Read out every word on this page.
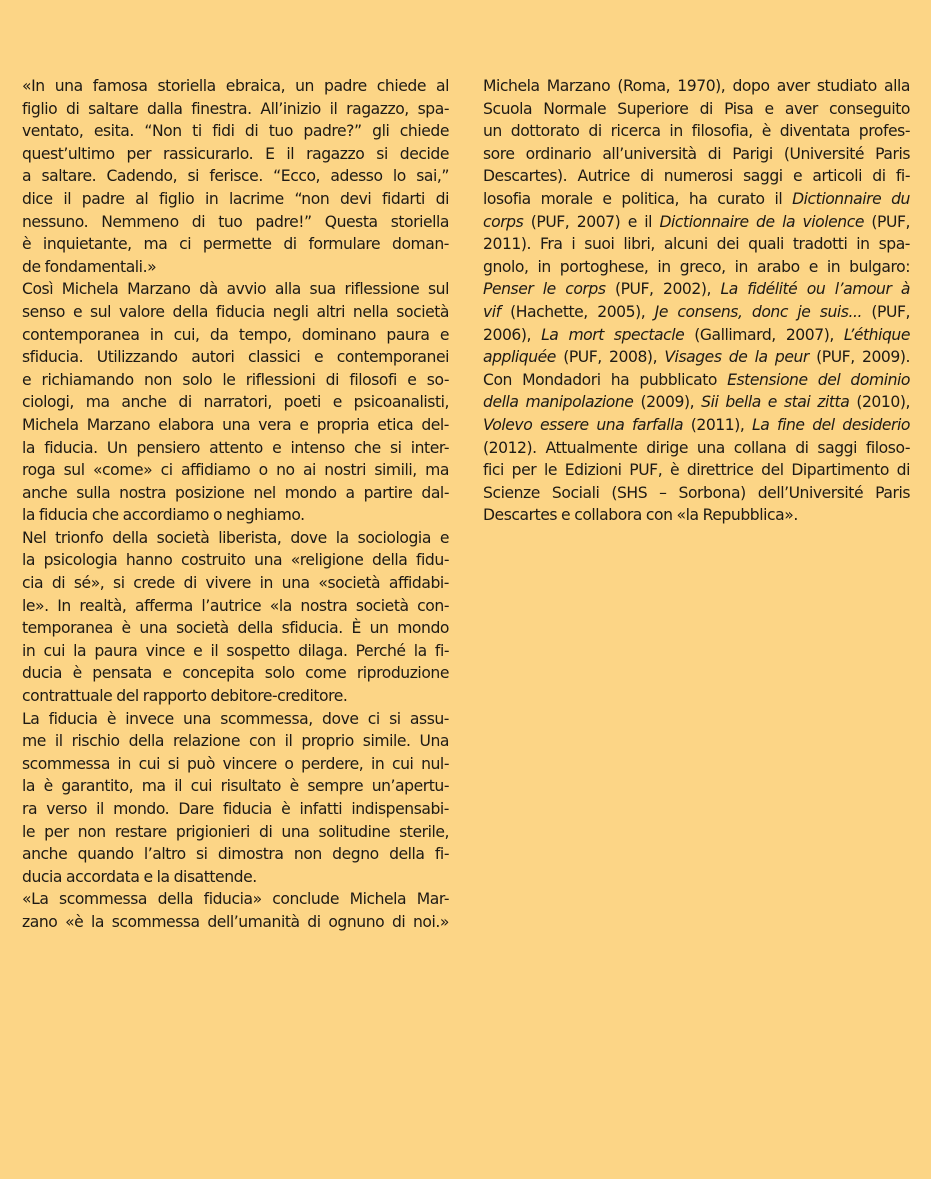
«In una famosa storiella ebraica, un padre chiede al
figlio di saltare dalla finestra. All’inizio il ragazzo, spa-
ventato, esita. “Non ti fidi di tuo padre?” gli chiede
quest’ultimo per rassicurarlo. E il ragazzo si decide
a saltare. Cadendo, si ferisce. “Ecco, adesso lo sai,”
dice il padre al figlio in lacrime “non devi fidarti di
nessuno. Nemmeno di tuo padre!” Questa storiella
è inquietante, ma ci permette di formulare doman-
de fondamentali.»
Così Michela Marzano dà avvio alla sua riflessione sul
senso e sul valore della fiducia negli altri nella società
contemporanea in cui, da tempo, dominano paura e
sfiducia. Utilizzando autori classici e contemporanei
e richiamando non solo le riflessioni di filosofi e so-
ciologi, ma anche di narratori, poeti e psicoanalisti,
Michela Marzano elabora una vera e propria etica del-
la fiducia. Un pensiero attento e intenso che si inter-
roga sul «come» ci affidiamo o no ai nostri simili, ma
anche sulla nostra posizione nel mondo a partire dal-
la fiducia che accordiamo o neghiamo.
Nel trionfo della società liberista, dove la sociologia e
la psicologia hanno costruito una «religione della fidu-
cia di sé», si crede di vivere in una «società affidabi-
le». In realtà, afferma l’autrice «la nostra società con-
temporanea è una società della sfiducia. È un mondo
in cui la paura vince e il sospetto dilaga. Perché la fi-
ducia è pensata e concepita solo come riproduzione
contrattuale del rapporto debitore-creditore.
La fiducia è invece una scommessa, dove ci si assu-
me il rischio della relazione con il proprio simile. Una
scommessa in cui si può vincere o perdere, in cui nul-
la è garantito, ma il cui risultato è sempre un’apertu-
ra verso il mondo. Dare fiducia è infatti indispensabi-
le per non restare prigionieri di una solitudine sterile,
anche quando l’altro si dimostra non degno della fi-
ducia accordata e la disattende.
«La scommessa della fiducia» conclude Michela Mar-
zano «è la scommessa dell’umanità di ognuno di noi.»
Michela Marzano (Roma, 1970), dopo aver studiato alla
Scuola Normale Superiore di Pisa e aver conseguito
un dottorato di ricerca in filosofia, è diventata profes-
sore ordinario all’università di Parigi (Université Paris
Descartes). Autrice di numerosi saggi e articoli di fi-
losofia morale e politica, ha curato il Dictionnaire du
corps (PUF, 2007) e il Dictionnaire de la violence (PUF,
2011). Fra i suoi libri, alcuni dei quali tradotti in spa-
gnolo, in portoghese, in greco, in arabo e in bulgaro:
Penser le corps (PUF, 2002), La fidélité ou l’amour à
vif (Hachette, 2005), Je consens, donc je suis... (PUF,
2006), La mort spectacle (Gallimard, 2007), L’éthique
appliquée (PUF, 2008), Visages de la peur (PUF, 2009).
Con Mondadori ha pubblicato Estensione del dominio
della manipolazione (2009), Sii bella e stai zitta (2010),
Volevo essere una farfalla (2011), La fine del desiderio
(2012). Attualmente dirige una collana di saggi filoso-
fici per le Edizioni PUF, è direttrice del Dipartimento di
Scienze Sociali (SHS – Sorbona) dell’Université Paris
Descartes e collabora con «la Repubblica».
